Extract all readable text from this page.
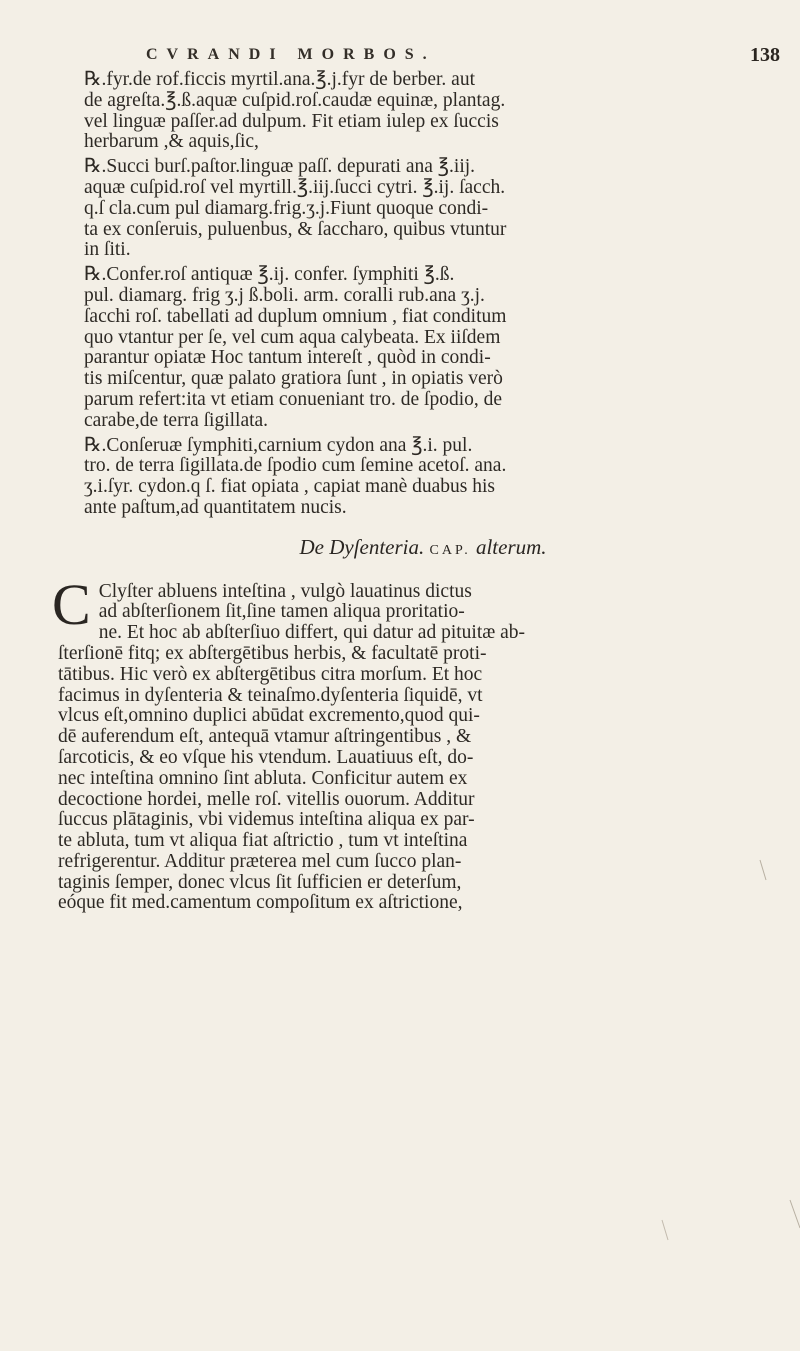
CVRANDI MORBOS.	138
℞.fyr.de rof.ficcis myrtil.ana.℥.j.fyr de berber. aut
de agreſta.℥.ß.aquæ cuſpid.roſ.caudæ equinæ, plantag.
vel linguæ paſſer.ad dulpum. Fit etiam iulep ex ſuccis
herbarum ,& aquis,ſic,
℞.Succi burſ.paſtor.linguæ paſſ. depurati ana ℥.iij.
aquæ cuſpid.roſ vel myrtill.℥.iij.ſucci cytri. ℥.ij. ſacch.
q.ſ cla.cum pul diamarg.frig.ʒ.j.Fiunt quoque condi-
ta ex conſeruis, puluenbus, & ſaccharo, quibus vtuntur
in ſiti.
℞.Confer.roſ antiquæ ℥.ij. confer. ſymphiti ℥.ß.
pul. diamarg. frig ʒ.j ß.boli. arm. coralli rub.ana ʒ.j.
ſacchi roſ. tabellati ad duplum omnium , fiat conditum
quo vtantur per ſe, vel cum aqua calybeata. Ex iiſdem
parantur opiatæ Hoc tantum intereſt , quòd in condi-
tis miſcentur, quæ palato gratiora ſunt , in opiatis verò
parum refert:ita vt etiam conueniant tro. de ſpodio, de
carabe,de terra ſigillata.
℞.Conſeruæ ſymphiti,carnium cydon ana ℥.i. pul.
tro. de terra ſigillata.de ſpodio cum ſemine acetoſ. ana.
ʒ.i.ſyr. cydon.q ſ. fiat opiata , capiat manè duabus his
ante paſtum,ad quantitatem nucis.
De Dyſenteria. CAP. alterum.
C Clyſter abluens inteſtina , vulgò lauatinus dictus
ad abſterſionem ſit,ſine tamen aliqua proritatio-
ne. Et hoc ab abſterſiuo differt, qui datur ad pituitæ ab-
ſterſionē fitq; ex abſtergētibus herbis, & facultatē proti-
tātibus. Hic verò ex abſtergētibus citra morſum. Et hoc
facimus in dyſenteria & teinaſmo.dyſenteria ſiquidē, vt
vlcus eſt,omnino duplici abūdat excremento,quod qui-
dē auferendum eſt, antequā vtamur aſtringentibus , &
ſarcoticis, & eo vſque his vtendum. Lauatiuus eſt, do-
nec inteſtina omnino ſint abluta. Conficitur autem ex
decoctione hordei, melle roſ. vitellis ouorum. Additur
ſuccus plātaginis, vbi videmus inteſtina aliqua ex par-
te abluta, tum vt aliqua fiat aſtrictio , tum vt inteſtina
refrigerentur. Additur præterea mel cum ſucco plan-
taginis ſemper, donec vlcus ſit ſufficien er deterſum,
eóque fit med.camentum compoſitum ex aſtrictione,
